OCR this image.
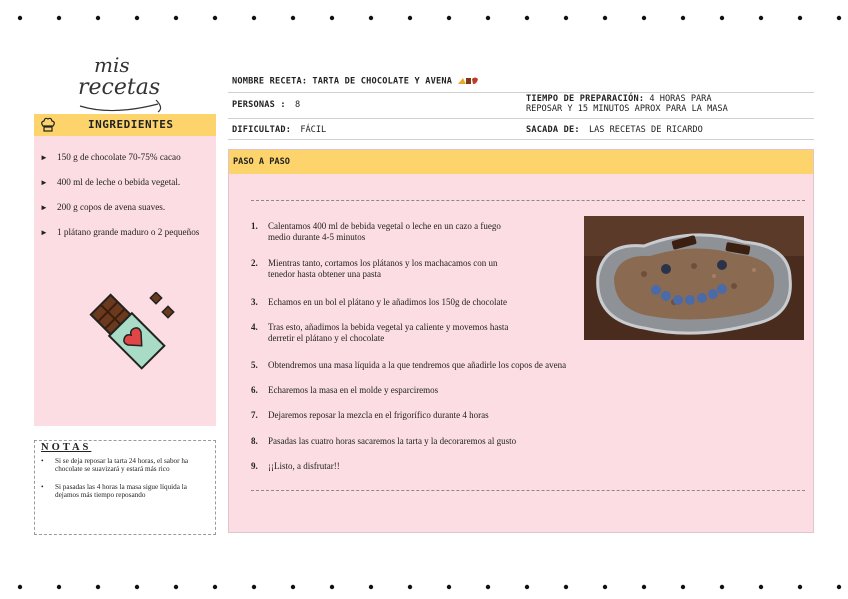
mis
recetas	NOMBRE RECETA: TARTA DE CHOCOLATE Y AVENA
PERSONAS : 8
TIEMPO DE PREPARACIÓN: 4 HORAS PARA
REPOSAR Y 15 MINUTOS APROX PARA LA MASA
DIFICULTAD: FÁCIL	SACADA DE: LAS RECETAS DE RICARDO
INGREDIENTES
► 150 g de chocolate 70-75% cacao
► 400 ml de leche o bebida vegetal.
► 200 g copos de avena suaves.
► 1 plátano grande maduro o 2 pequeños
NOTAS
• Si se deja reposar la tarta 24 horas, el sabor ha chocolate se suavizará y estará más rico
• Si pasadas las 4 horas la masa sigue líquida la dejamos más tiempo reposando
PASO A PASO
1. Calentamos 400 ml de bebida vegetal o leche en un cazo a fuego
medio durante 4-5 minutos
2. Mientras tanto, cortamos los plátanos y los machacamos con un
tenedor hasta obtener una pasta
3. Echamos en un bol el plátano y le añadimos los 150g de chocolate
4. Tras esto, añadimos la bebida vegetal ya caliente y movemos hasta
derretir el plátano y el chocolate
5. Obtendremos una masa líquida a la que tendremos que añadirle los copos de avena
6. Echaremos la masa en el molde y esparciremos
7. Dejaremos reposar la mezcla en el frigorífico durante 4 horas
8. Pasadas las cuatro horas sacaremos la tarta y la decoraremos al gusto
9. ¡¡Listo, a disfrutar!!
